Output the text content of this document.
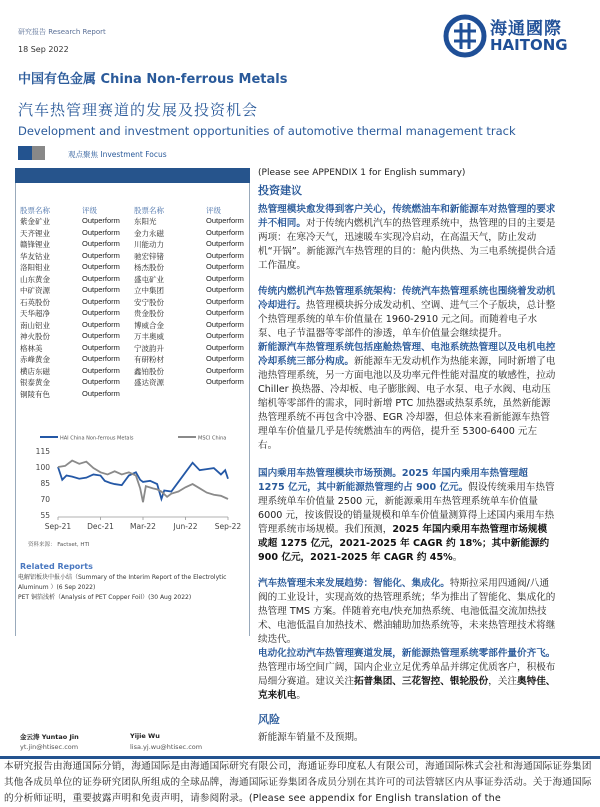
研究报告 Research Report
18 Sep 2022
中国有色金属 China Non-ferrous Metals
汽车热管理赛道的发展及投资机会
Development and investment opportunities of automotive thermal management track
观点聚焦 Investment Focus
海通國際
HAITONG
股票名称	评级	股票名称	评级
紫金矿业	Outperform 东阳光	Outperform
天齐锂业	Outperform 金力永磁	Outperform
赣锋锂业	Outperform 川能动力	Outperform
华友钴业	Outperform 驰宏锌锗	Outperform
洛阳钼业	Outperform 杨杰股份	Outperform
山东黄金	Outperform 盛屯矿业	Outperform
中矿资源	Outperform 立中集团	Outperform
石英股份	Outperform 安宁股份	Outperform
天华超净	Outperform 贵金股份	Outperform
南山铝业	Outperform 博威合金	Outperform
神火股份	Outperform 万丰奥威	Outperform
格林美	Outperform 宁波韵升	Outperform
赤峰黄金	Outperform 有研粉材	Outperform
横店东磁	Outperform 鑫铂股份	Outperform
银泰黄金	Outperform 盛达资源	Outperform
铜陵有色	Outperform
115
100
85
70
55
Sep-21 Dec-21 Mar-22 Jun-22 Sep-22
HAI China Non-ferrous Metals	MSCI China
资料来源： Factset, HTI
Related Reports
电解铝板块中报小结（Summary of the Interim Report of the Electrolytic Aluminum ）(6 Sep 2022)
PET 铜箔浅析（Analysis of PET Copper Foil）(30 Aug 2022)

(Please see APPENDIX 1 for English summary)

投资建议

热管理模块愈发得到客户关心，传统燃油车和新能源车对热管理的要求并不相同。对于传统内燃机汽车的热管理系统中，热管理的目的主要是两项：在寒冷天气，迅速暖车实现冷启动，在高温天气，防止发动机“开锅”。新能源汽车热管理的目的：舱内供热、为三电系统提供合适工作温度。

传统内燃机汽车热管理系统架构：传统汽车热管理系统也围绕着发动机冷却进行。热管理模块拆分成发动机、空调、进气三个子版块，总计整个热管理系统的单车价值量在 1960-2910 元之间。而随着电子水泵、电子节温器等零部件的渗透，单车价值量会继续提升。

新能源汽车热管理系统包括座舱热管理、电池系统热管理以及电机电控冷却系统三部分构成。新能源车无发动机作为热能来源，同时新增了电池热管理系统，另一方面电池以及功率元件性能对温度的敏感性，拉动 Chiller 换热器、冷却板、电子膨胀阀、电子水泵、电子水阀、电动压缩机等零部件的需求，同时新增 PTC 加热器或热泵系统，虽然新能源热管理系统不再包含中冷器、EGR 冷却器，但总体来看新能源车热管理单车价值量几乎是传统燃油车的两倍，提升至 5300-6400 元左右。

国内乘用车热管理模块市场预测。2025 年国内乘用车热管理超 1275 亿元，其中新能源热管理约占 900 亿元。假设传统乘用车热管理系统单车价值量 2500 元，新能源乘用车热管理系统单车价值量 6000 元，按该假设的销量规模和单车价值量测算得上述国内乘用车热管理系统市场规模。我们预测，2025 年国内乘用车热管理市场规模或超 1275 亿元，2021-2025 年 CAGR 约 18%；其中新能源约 900 亿元，2021-2025 年 CAGR 约 45%。

汽车热管理未来发展趋势：智能化、集成化。特斯拉采用四通阀/八通阀的工业设计，实现高效的热管理系统；华为推出了智能化、集成化的热管理 TMS 方案。伴随着充电/快充加热系统、电池低温交流加热技术、电池低温自加热技术、燃油辅助加热系统等，未来热管理技术将继续迭代。

电动化拉动汽车热管理赛道发展，新能源热管理系统零部件量价齐飞。热管理市场空间广阔，国内企业立足优秀单品并绑定优质客户，积极布局细分赛道。建议关注拓普集团、三花智控、银轮股份，关注奥特佳、克来机电。

风险

新能源车销量不及预期。

金云涛 Yuntao Jin
yt.jin@htisec.com
Yijie Wu
lisa.yj.wu@htisec.com
本研究报告由海通国际分销，海通国际是由海通国际研究有限公司，海通证券印度私人有限公司，海通国际株式会社和海通国际证券集团其他各成员单位的证券研究团队所组成的全球品牌，海通国际证券集团各成员分别在其许可的司法管辖区内从事证券活动。关于海通国际的分析师证明，重要披露声明和免责声明，请参阅附录。(Please see appendix for English translation of the
